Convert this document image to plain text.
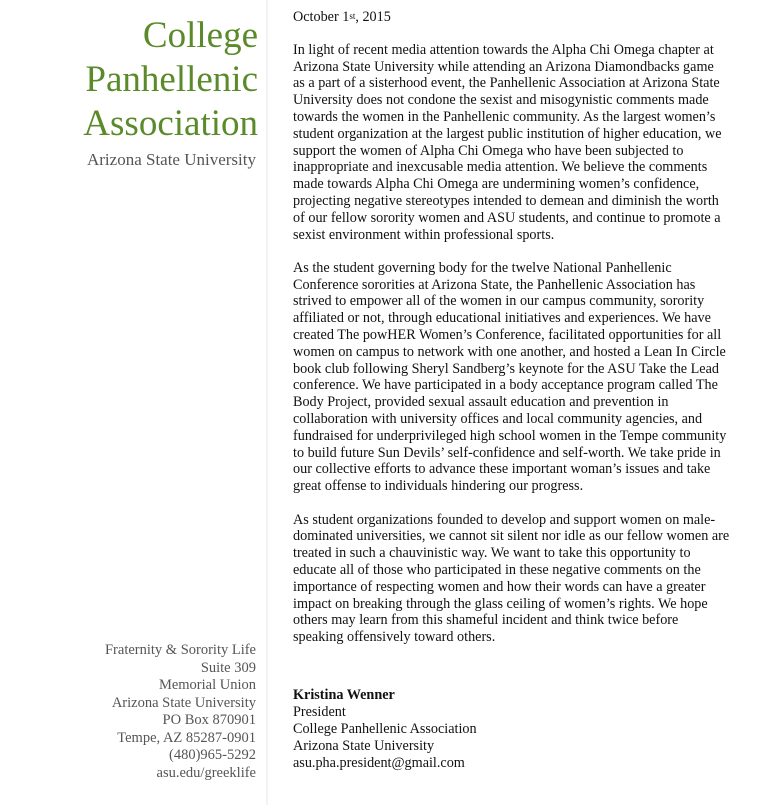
College
Panhellenic
Association
Arizona State University
Fraternity & Sorority Life
Suite 309
Memorial Union
Arizona State University
PO Box 870901
Tempe, AZ 85287-0901
(480)965-5292
asu.edu/greeklife
October 1st, 2015
In light of recent media attention towards the Alpha Chi Omega chapter at
Arizona State University while attending an Arizona Diamondbacks game
as a part of a sisterhood event, the Panhellenic Association at Arizona State
University does not condone the sexist and misogynistic comments made
towards the women in the Panhellenic community. As the largest women’s
student organization at the largest public institution of higher education, we
support the women of Alpha Chi Omega who have been subjected to
inappropriate and inexcusable media attention. We believe the comments
made towards Alpha Chi Omega are undermining women’s confidence,
projecting negative stereotypes intended to demean and diminish the worth
of our fellow sorority women and ASU students, and continue to promote a
sexist environment within professional sports.
As the student governing body for the twelve National Panhellenic
Conference sororities at Arizona State, the Panhellenic Association has
strived to empower all of the women in our campus community, sorority
affiliated or not, through educational initiatives and experiences. We have
created The powHER Women’s Conference, facilitated opportunities for all
women on campus to network with one another, and hosted a Lean In Circle
book club following Sheryl Sandberg’s keynote for the ASU Take the Lead
conference. We have participated in a body acceptance program called The
Body Project, provided sexual assault education and prevention in
collaboration with university offices and local community agencies, and
fundraised for underprivileged high school women in the Tempe community
to build future Sun Devils’ self-confidence and self-worth. We take pride in
our collective efforts to advance these important woman’s issues and take
great offense to individuals hindering our progress.
As student organizations founded to develop and support women on male-
dominated universities, we cannot sit silent nor idle as our fellow women are
treated in such a chauvinistic way. We want to take this opportunity to
educate all of those who participated in these negative comments on the
importance of respecting women and how their words can have a greater
impact on breaking through the glass ceiling of women’s rights. We hope
others may learn from this shameful incident and think twice before
speaking offensively toward others.
Kristina Wenner
President
College Panhellenic Association
Arizona State University
asu.pha.president@gmail.com
